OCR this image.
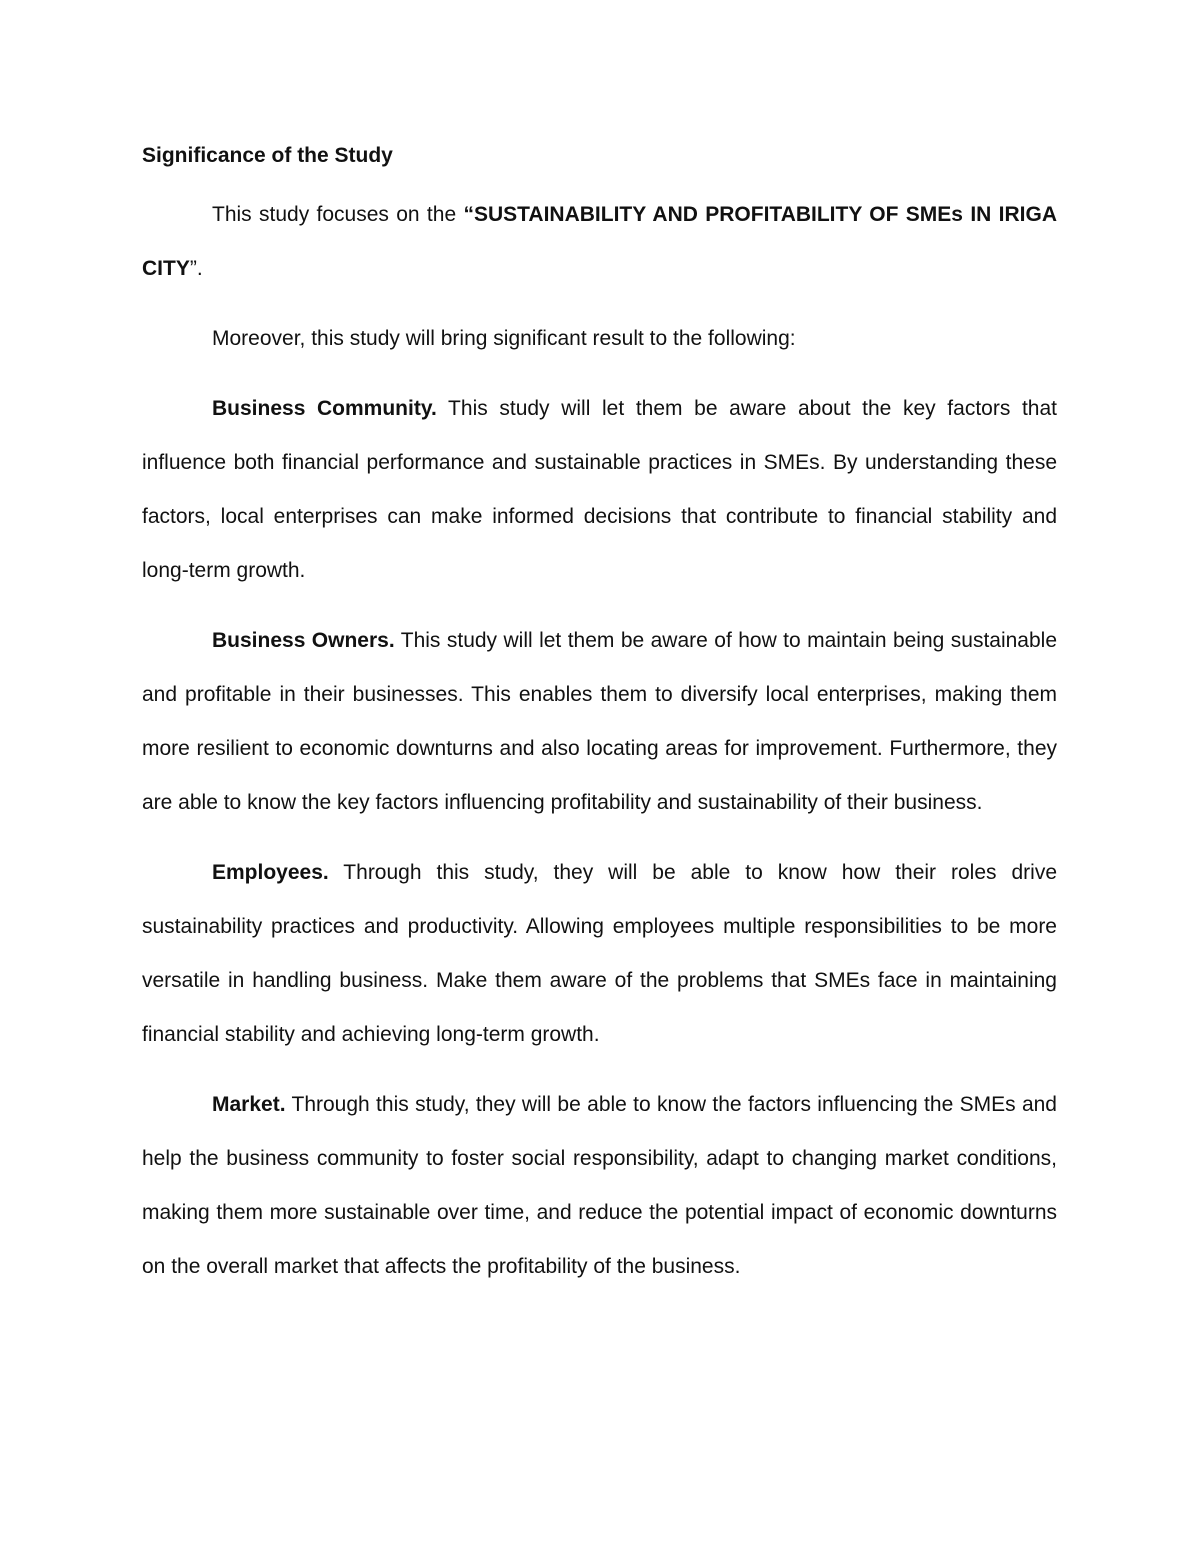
Significance of the Study

This study focuses on the “SUSTAINABILITY AND PROFITABILITY OF SMEs IN IRIGA CITY”.

Moreover, this study will bring significant result to the following:

Business Community. This study will let them be aware about the key factors that influence both financial performance and sustainable practices in SMEs. By understanding these factors, local enterprises can make informed decisions that contribute to financial stability and long-term growth.

Business Owners. This study will let them be aware of how to maintain being sustainable and profitable in their businesses. This enables them to diversify local enterprises, making them more resilient to economic downturns and also locating areas for improvement. Furthermore, they are able to know the key factors influencing profitability and sustainability of their business.

Employees. Through this study, they will be able to know how their roles drive sustainability practices and productivity. Allowing employees multiple responsibilities to be more versatile in handling business. Make them aware of the problems that SMEs face in maintaining financial stability and achieving long-term growth.

Market. Through this study, they will be able to know the factors influencing the SMEs and help the business community to foster social responsibility, adapt to changing market conditions, making them more sustainable over time, and reduce the potential impact of economic downturns on the overall market that affects the profitability of the business.
